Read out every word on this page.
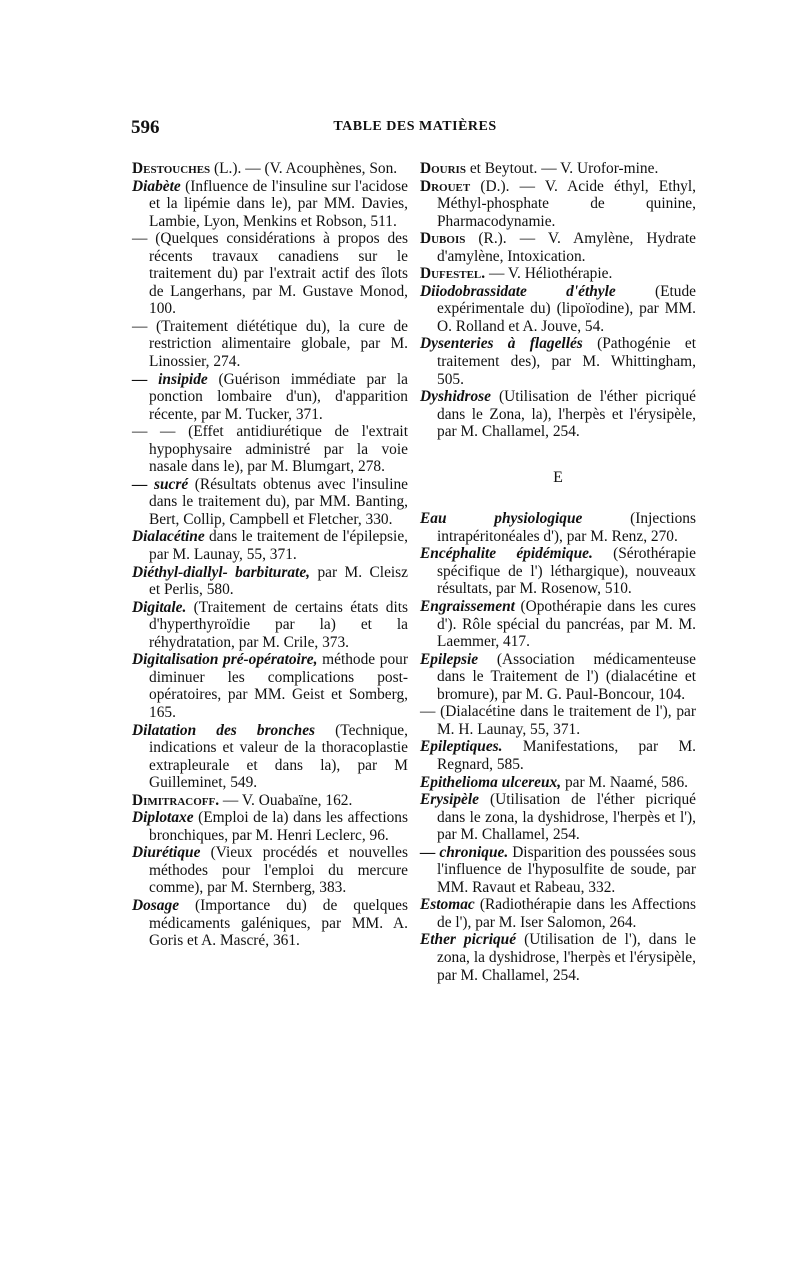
596	TABLE DES MATIÈRES

Destouches (L.). — (V. Acouphènes, Son.

Diabète (Influence de l'insuline sur l'acidose et la lipémie dans le), par MM. Davies, Lambie, Lyon, Menkins et Robson, 511.

— (Quelques considérations à propos des récents travaux canadiens sur le traitement du) par l'extrait actif des îlots de Langerhans, par M. Gustave Monod, 100.

— (Traitement diététique du), la cure de restriction alimentaire globale, par M. Linossier, 274.

— insipide (Guérison immédiate par la ponction lombaire d'un), d'apparition récente, par M. Tucker, 371.

— — (Effet antidiurétique de l'extrait hypophysaire administré par la voie nasale dans le), par M. Blumgart, 278.

— sucré (Résultats obtenus avec l'insuline dans le traitement du), par MM. Banting, Bert, Collip, Campbell et Fletcher, 330.

Dialacétine dans le traitement de l'épilepsie, par M. Launay, 55, 371.

Diéthyl-diallyl- barbiturate, par M. Cleisz et Perlis, 580.

Digitale. (Traitement de certains états dits d'hyperthyroïdie par la) et la réhydratation, par M. Crile, 373.

Digitalisation pré-opératoire, méthode pour diminuer les complications post-opératoires, par MM. Geist et Somberg, 165.

Dilatation des bronches (Technique, indications et valeur de la thoracoplastie extrapleurale et dans la), par M Guilleminet, 549.

Dimitracoff. — V. Ouabaïne, 162.

Diplotaxe (Emploi de la) dans les affections bronchiques, par M. Henri Leclerc, 96.

Diurétique (Vieux procédés et nouvelles méthodes pour l'emploi du mercure comme), par M. Sternberg, 383.

Dosage (Importance du) de quelques médicaments galéniques, par MM. A. Goris et A. Mascré, 361.

Douris et Beytout. — V. Urofor-mine.

Drouet (D.). — V. Acide éthyl, Ethyl, Méthyl-phosphate de quinine, Pharmacodynamie.

Dubois (R.). — V. Amylène, Hydrate d'amylène, Intoxication.

Dufestel. — V. Héliothérapie.

Diiodobrassidate d'éthyle (Etude expérimentale du) (lipoïodine), par MM. O. Rolland et A. Jouve, 54.

Dysenteries à flagellés (Pathogénie et traitement des), par M. Whittingham, 505.

Dyshidrose (Utilisation de l'éther picriqué dans le Zona, la), l'herpès et l'érysipèle, par M. Challamel, 254.

E

Eau physiologique (Injections intrapéritonéales d'), par M. Renz, 270.

Encéphalite épidémique. (Sérothérapie spécifique de l') léthargique), nouveaux résultats, par M. Rosenow, 510.

Engraissement (Opothérapie dans les cures d'). Rôle spécial du pancréas, par M. M. Laemmer, 417.

Epilepsie (Association médicamenteuse dans le Traitement de l') (dialacétine et bromure), par M. G. Paul-Boncour, 104.

— (Dialacétine dans le traitement de l'), par M. H. Launay, 55, 371.

Epileptiques. Manifestations, par M. Regnard, 585.

Epithelioma ulcereux, par M. Naamé, 586.

Erysipèle (Utilisation de l'éther picriqué dans le zona, la dyshidrose, l'herpès et l'), par M. Challamel, 254.

— chronique. Disparition des poussées sous l'influence de l'hyposulfite de soude, par MM. Ravaut et Rabeau, 332.

Estomac (Radiothérapie dans les Affections de l'), par M. Iser Salomon, 264.

Ether picriqué (Utilisation de l'), dans le zona, la dyshidrose, l'herpès et l'érysipèle, par M. Challamel, 254.
